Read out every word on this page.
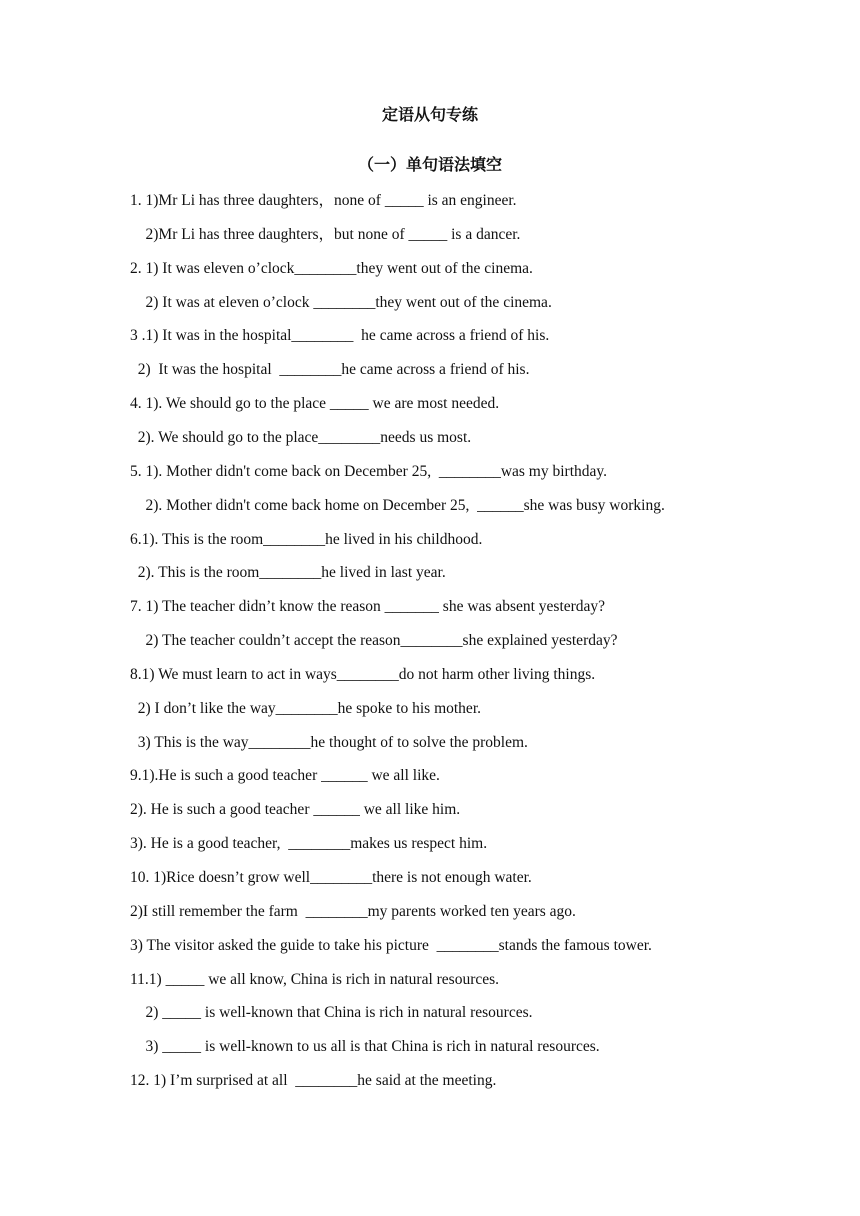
定语从句专练
（一）单句语法填空

1. 1)Mr Li has three daughters，none of _____ is an engineer.

2)Mr Li has three daughters，but none of _____ is a dancer.

2. 1) It was eleven o’clock________they went out of the cinema.

2) It was at eleven o’clock ________they went out of the cinema.

3 .1) It was in the hospital________  he came across a friend of his.

2)  It was the hospital  ________he came across a friend of his.

4. 1). We should go to the place _____ we are most needed.

2). We should go to the place________needs us most.

5. 1). Mother didn't come back on December 25,  ________was my birthday.

2). Mother didn't come back home on December 25,  ______she was busy working.

6.1). This is the room________he lived in his childhood.

2). This is the room________he lived in last year.

7. 1) The teacher didn’t know the reason _______ she was absent yesterday?

2) The teacher couldn’t accept the reason________she explained yesterday?

8.1) We must learn to act in ways________do not harm other living things.

2) I don’t like the way________he spoke to his mother.

3) This is the way________he thought of to solve the problem.

9.1).He is such a good teacher ______ we all like.

2). He is such a good teacher ______ we all like him.

3). He is a good teacher,  ________makes us respect him.

10. 1)Rice doesn’t grow well________there is not enough water.

2)I still remember the farm  ________my parents worked ten years ago.

3) The visitor asked the guide to take his picture  ________stands the famous tower.

11.1) _____ we all know, China is rich in natural resources.

2) _____ is well-known that China is rich in natural resources.

3) _____ is well-known to us all is that China is rich in natural resources.

12. 1) I’m surprised at all  ________he said at the meeting.
